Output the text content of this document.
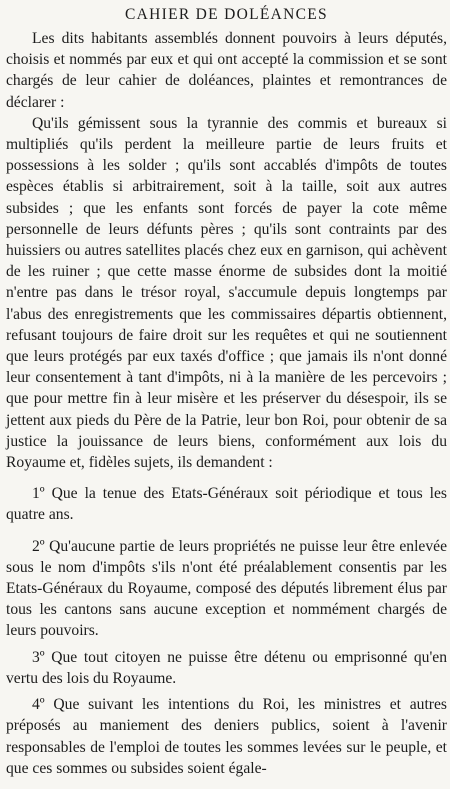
CAHIER DE DOLÉANCES

Les dits habitants assemblés donnent pouvoirs à leurs députés, choisis et nommés par eux et qui ont accepté la commission et se sont chargés de leur cahier de doléances, plaintes et remontrances de déclarer :

Qu'ils gémissent sous la tyrannie des commis et bureaux si multipliés qu'ils perdent la meilleure partie de leurs fruits et possessions à les solder ; qu'ils sont accablés d'impôts de toutes espèces établis si arbitrairement, soit à la taille, soit aux autres subsides ; que les enfants sont forcés de payer la cote même personnelle de leurs défunts pères ; qu'ils sont contraints par des huissiers ou autres satellites placés chez eux en garnison, qui achèvent de les ruiner ; que cette masse énorme de subsides dont la moitié n'entre pas dans le trésor royal, s'accumule depuis longtemps par l'abus des enregistrements que les commissaires départis obtiennent, refusant toujours de faire droit sur les requêtes et qui ne soutiennent que leurs protégés par eux taxés d'office ; que jamais ils n'ont donné leur consentement à tant d'impôts, ni à la manière de les percevoirs ; que pour mettre fin à leur misère et les préserver du désespoir, ils se jettent aux pieds du Père de la Patrie, leur bon Roi, pour obtenir de sa justice la jouissance de leurs biens, conformément aux lois du Royaume et, fidèles sujets, ils demandent :

1º Que la tenue des Etats-Généraux soit périodique et tous les quatre ans.

2º Qu'aucune partie de leurs propriétés ne puisse leur être enlevée sous le nom d'impôts s'ils n'ont été préalablement consentis par les Etats-Généraux du Royaume, composé des députés librement élus par tous les cantons sans aucune exception et nommément chargés de leurs pouvoirs.

3º Que tout citoyen ne puisse être détenu ou emprisonné qu'en vertu des lois du Royaume.

4º Que suivant les intentions du Roi, les ministres et autres préposés au maniement des deniers publics, soient à l'avenir responsables de l'emploi de toutes les sommes levées sur le peuple, et que ces sommes ou subsides soient égale-
